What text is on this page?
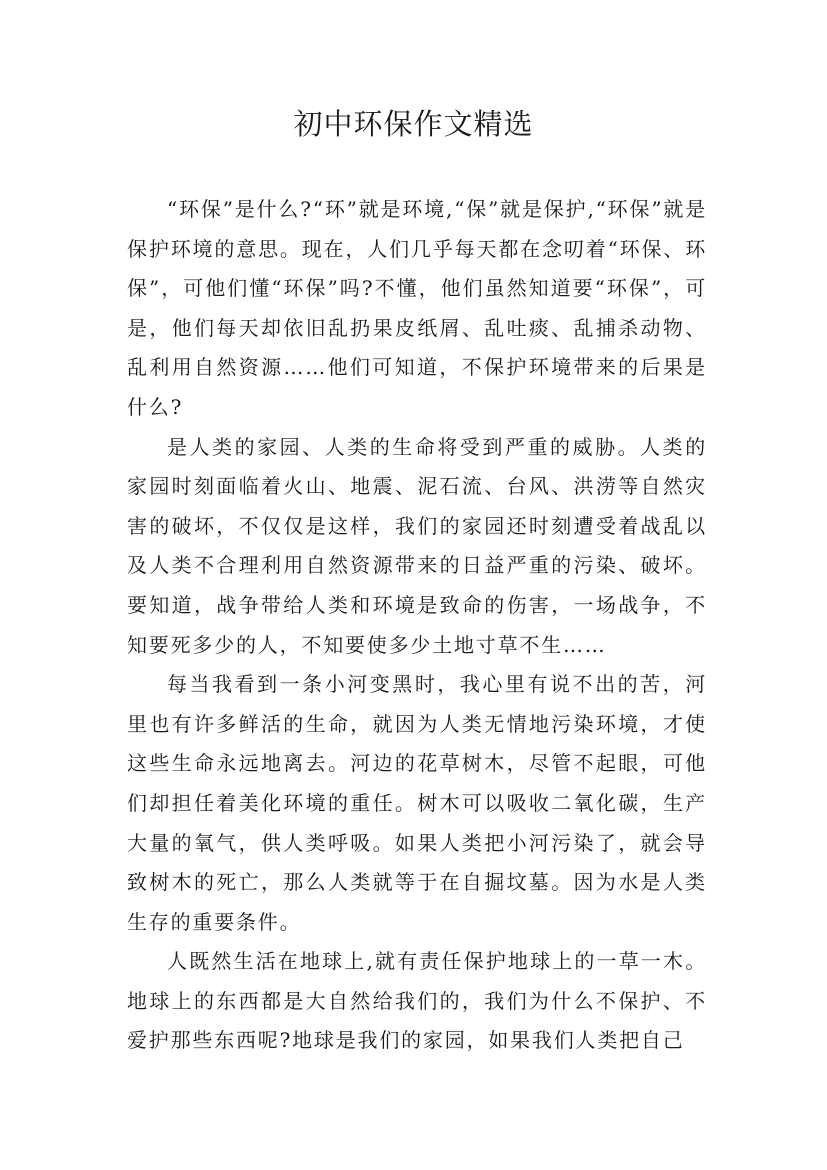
初中环保作文精选

“环保”是什么?“环”就是环境,“保”就是保护,“环保”就是保护环境的意思。现在，人们几乎每天都在念叨着“环保、环保”，可他们懂“环保”吗?不懂，他们虽然知道要“环保”，可是，他们每天却依旧乱扔果皮纸屑、乱吐痰、乱捕杀动物、乱利用自然资源……他们可知道，不保护环境带来的后果是什么?

是人类的家园、人类的生命将受到严重的威胁。人类的家园时刻面临着火山、地震、泥石流、台风、洪涝等自然灾害的破坏，不仅仅是这样，我们的家园还时刻遭受着战乱以及人类不合理利用自然资源带来的日益严重的污染、破坏。要知道，战争带给人类和环境是致命的伤害，一场战争，不知要死多少的人，不知要使多少土地寸草不生……

每当我看到一条小河变黑时，我心里有说不出的苦，河里也有许多鲜活的生命，就因为人类无情地污染环境，才使这些生命永远地离去。河边的花草树木，尽管不起眼，可他们却担任着美化环境的重任。树木可以吸收二氧化碳，生产大量的氧气，供人类呼吸。如果人类把小河污染了，就会导致树木的死亡，那么人类就等于在自掘坟墓。因为水是人类生存的重要条件。

人既然生活在地球上,就有责任保护地球上的一草一木。地球上的东西都是大自然给我们的，我们为什么不保护、不爱护那些东西呢?地球是我们的家园，如果我们人类把自己
